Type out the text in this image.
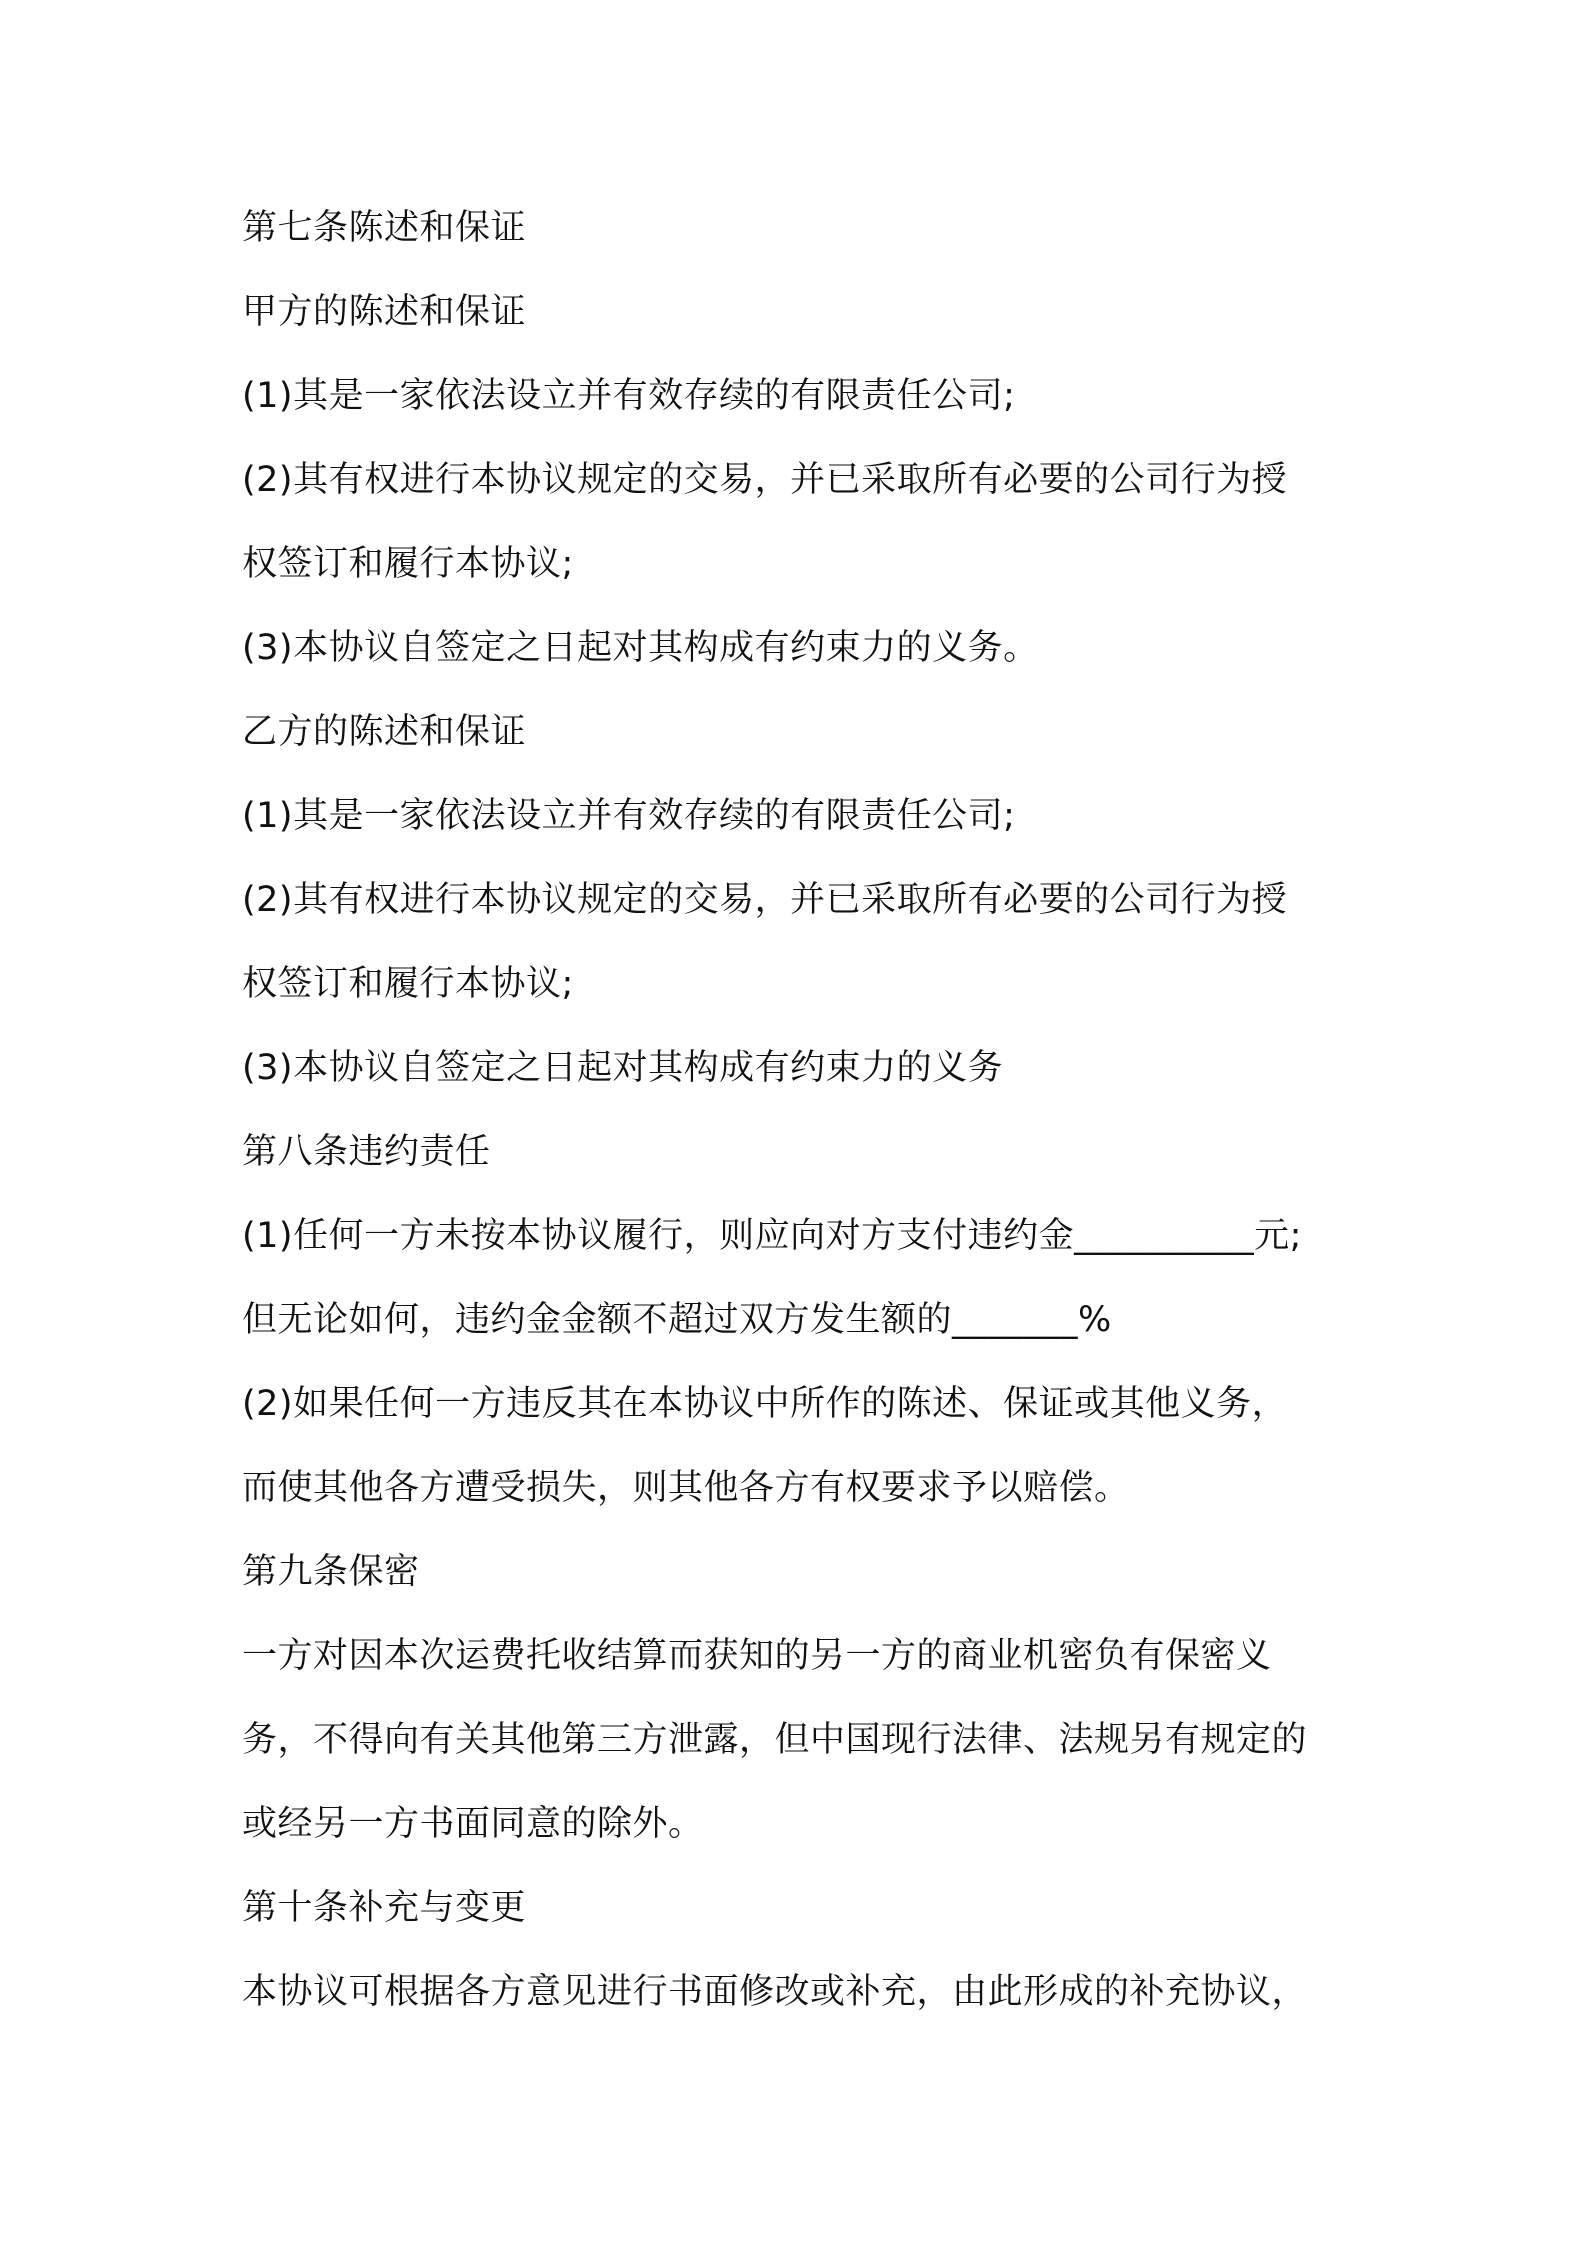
第七条陈述和保证
甲方的陈述和保证
(1)其是一家依法设立并有效存续的有限责任公司;
(2)其有权进行本协议规定的交易，并已采取所有必要的公司行为授
权签订和履行本协议;
(3)本协议自签定之日起对其构成有约束力的义务。
乙方的陈述和保证
(1)其是一家依法设立并有效存续的有限责任公司;
(2)其有权进行本协议规定的交易，并已采取所有必要的公司行为授
权签订和履行本协议;
(3)本协议自签定之日起对其构成有约束力的义务
第八条违约责任
(1)任何一方未按本协议履行，则应向对方支付违约金__________元;
但无论如何，违约金金额不超过双方发生额的_______%
(2)如果任何一方违反其在本协议中所作的陈述、保证或其他义务，
而使其他各方遭受损失，则其他各方有权要求予以赔偿。
第九条保密
一方对因本次运费托收结算而获知的另一方的商业机密负有保密义
务，不得向有关其他第三方泄露，但中国现行法律、法规另有规定的
或经另一方书面同意的除外。
第十条补充与变更
本协议可根据各方意见进行书面修改或补充，由此形成的补充协议，
